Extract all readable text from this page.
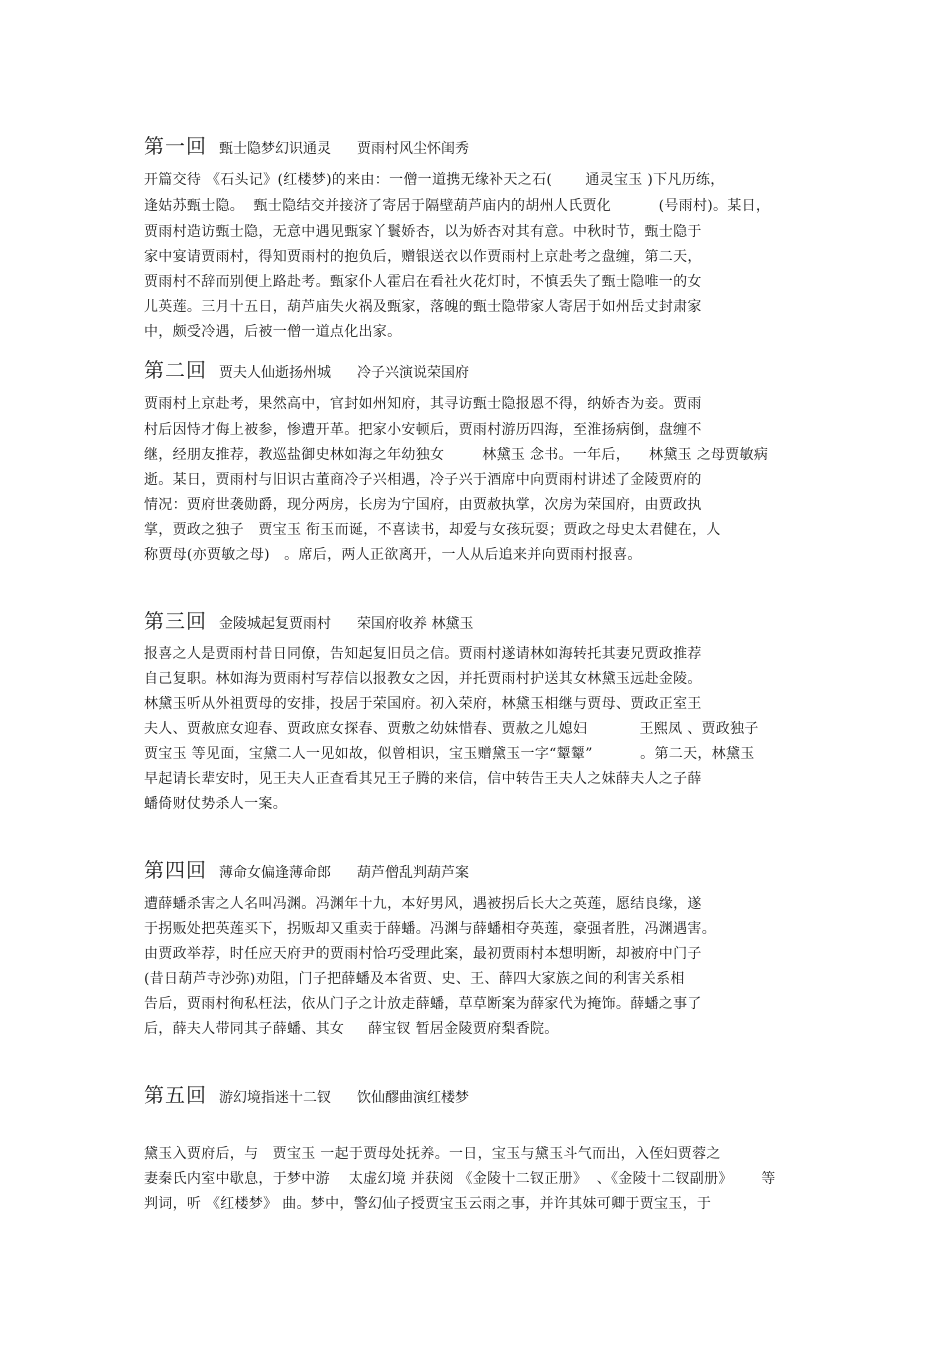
第一回 甄士隐梦幻识通灵 贾雨村风尘怀闺秀
开篇交待 《石头记》(红楼梦)的来由：一僧一道携无缘补天之石(       通灵宝玉 )下凡历练，
逢姑苏甄士隐。  甄士隐结交并接济了寄居于隔壁葫芦庙内的胡州人氏贾化          (号雨村)。某日，
贾雨村造访甄士隐，无意中遇见甄家丫鬟娇杏，以为娇杏对其有意。中秋时节，甄士隐于
家中宴请贾雨村，得知贾雨村的抱负后，赠银送衣以作贾雨村上京赴考之盘缠，第二天，
贾雨村不辞而别便上路赴考。甄家仆人霍启在看社火花灯时，不慎丢失了甄士隐唯一的女
儿英莲。三月十五日，葫芦庙失火祸及甄家，落魄的甄士隐带家人寄居于如州岳丈封肃家
中，颇受冷遇，后被一僧一道点化出家。
第二回 贾夫人仙逝扬州城 冷子兴演说荣国府
贾雨村上京赴考，果然高中，官封如州知府，其寻访甄士隐报恩不得，纳娇杏为妾。贾雨
村后因恃才侮上被参，惨遭开革。把家小安顿后，贾雨村游历四海，至淮扬病倒，盘缠不
继，经朋友推荐，教巡盐御史林如海之年幼独女        林黛玉 念书。一年后，    林黛玉 之母贾敏病
逝。某日，贾雨村与旧识古董商冷子兴相遇，冷子兴于酒席中向贾雨村讲述了金陵贾府的
情况：贾府世袭勋爵，现分两房，长房为宁国府，由贾赦执掌，次房为荣国府，由贾政执
掌，贾政之独子   贾宝玉 衔玉而诞，不喜读书，却爱与女孩玩耍；贾政之母史太君健在，人
称贾母(亦贾敏之母)   。席后，两人正欲离开，一人从后追来并向贾雨村报喜。
第三回 金陵城起复贾雨村 荣国府收养 林黛玉
报喜之人是贾雨村昔日同僚，告知起复旧员之信。贾雨村遂请林如海转托其妻兄贾政推荐
自己复职。林如海为贾雨村写荐信以报教女之因，并托贾雨村护送其女林黛玉远赴金陵。
林黛玉听从外祖贾母的安排，投居于荣国府。初入荣府，林黛玉相继与贾母、贾政正室王
夫人、贾赦庶女迎春、贾政庶女探春、贾敷之幼妹惜春、贾赦之儿媳妇           王熙凤 、贾政独子
贾宝玉 等见面，宝黛二人一见如故，似曾相识，宝玉赠黛玉一字“颦颦”          。第二天，林黛玉
早起请长辈安时，见王夫人正查看其兄王子腾的来信，信中转告王夫人之妹薛夫人之子薛
蟠倚财仗势杀人一案。
第四回 薄命女偏逢薄命郎 葫芦僧乱判葫芦案
遭薛蟠杀害之人名叫冯渊。冯渊年十九，本好男风，遇被拐后长大之英莲，愿结良缘，遂
于拐贩处把英莲买下，拐贩却又重卖于薛蟠。冯渊与薛蟠相夺英莲，豪强者胜，冯渊遇害。
由贾政举荐，时任应天府尹的贾雨村恰巧受理此案，最初贾雨村本想明断，却被府中门子
(昔日葫芦寺沙弥)劝阻，门子把薛蟠及本省贾、史、王、薛四大家族之间的利害关系相
告后，贾雨村徇私枉法，依从门子之计放走薛蟠，草草断案为薛家代为掩饰。薛蟠之事了
后，薛夫人带同其子薛蟠、其女     薛宝钗 暂居金陵贾府梨香院。
第五回 游幻境指迷十二钗 饮仙醪曲演红楼梦
黛玉入贾府后，与   贾宝玉 一起于贾母处抚养。一日，宝玉与黛玉斗气而出，入侄妇贾蓉之
妻秦氏内室中歇息，于梦中游    太虚幻境 并获阅 《金陵十二钗正册》  、《金陵十二钗副册》      等
判词，听 《红楼梦》 曲。梦中，警幻仙子授贾宝玉云雨之事，并许其妹可卿于贾宝玉，于
